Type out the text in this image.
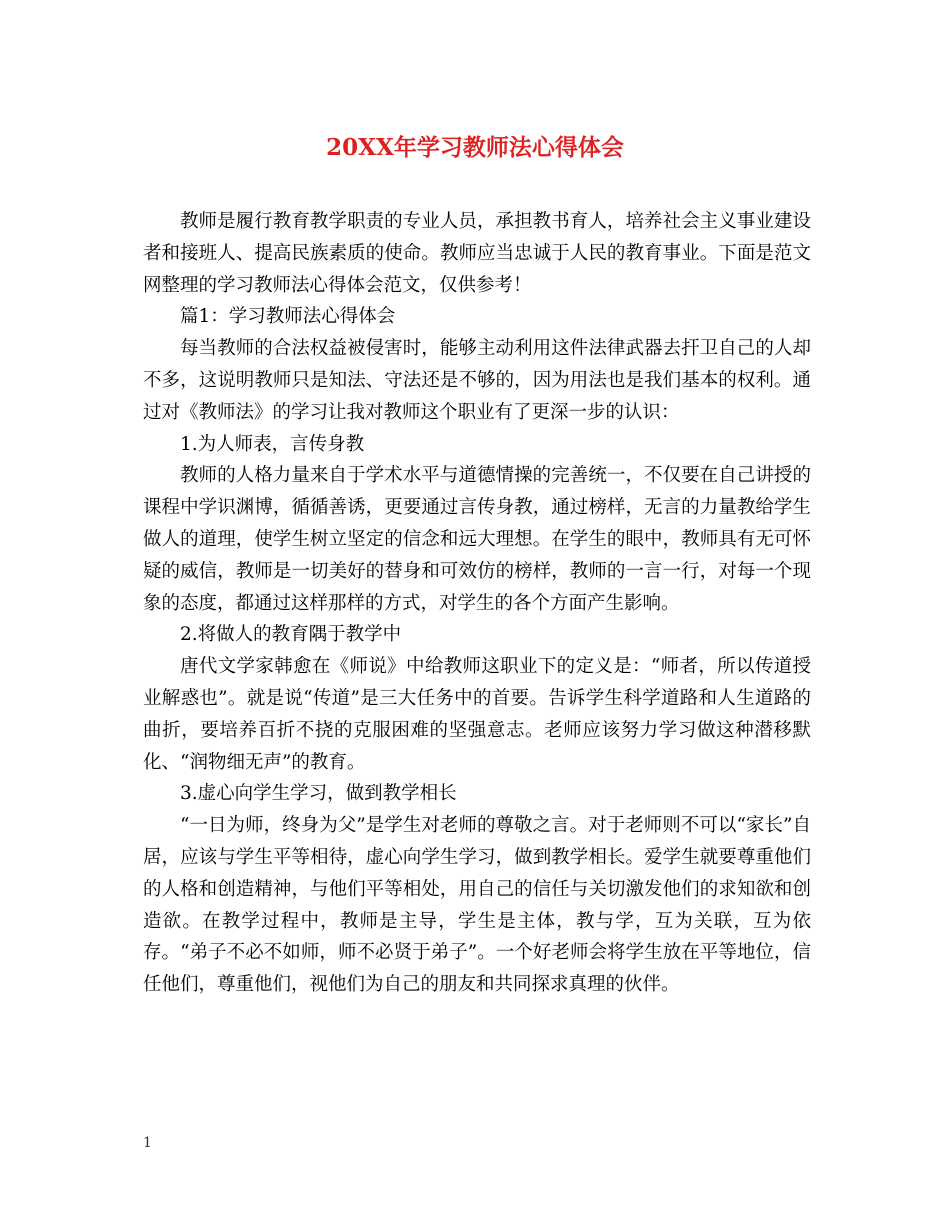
20XX年学习教师法心得体会

教师是履行教育教学职责的专业人员，承担教书育人，培养社会主义事业建设者和接班人、提高民族素质的使命。教师应当忠诚于人民的教育事业。下面是范文网整理的学习教师法心得体会范文，仅供参考！

篇1：学习教师法心得体会

每当教师的合法权益被侵害时，能够主动利用这件法律武器去扞卫自己的人却不多，这说明教师只是知法、守法还是不够的，因为用法也是我们基本的权利。通过对《教师法》的学习让我对教师这个职业有了更深一步的认识：

1.为人师表，言传身教

教师的人格力量来自于学术水平与道德情操的完善统一，不仅要在自己讲授的课程中学识渊博，循循善诱，更要通过言传身教，通过榜样，无言的力量教给学生做人的道理，使学生树立坚定的信念和远大理想。在学生的眼中，教师具有无可怀疑的威信，教师是一切美好的替身和可效仿的榜样，教师的一言一行，对每一个现象的态度，都通过这样那样的方式，对学生的各个方面产生影响。

2.将做人的教育隅于教学中

唐代文学家韩愈在《师说》中给教师这职业下的定义是：“师者，所以传道授业解惑也”。就是说“传道”是三大任务中的首要。告诉学生科学道路和人生道路的曲折，要培养百折不挠的克服困难的坚强意志。老师应该努力学习做这种潜移默化、“润物细无声”的教育。

3.虚心向学生学习，做到教学相长

“一日为师，终身为父”是学生对老师的尊敬之言。对于老师则不可以“家长”自居，应该与学生平等相待，虚心向学生学习，做到教学相长。爱学生就要尊重他们的人格和创造精神，与他们平等相处，用自己的信任与关切激发他们的求知欲和创造欲。在教学过程中，教师是主导，学生是主体，教与学，互为关联，互为依存。“弟子不必不如师，师不必贤于弟子”。一个好老师会将学生放在平等地位，信任他们，尊重他们，视他们为自己的朋友和共同探求真理的伙伴。

1
